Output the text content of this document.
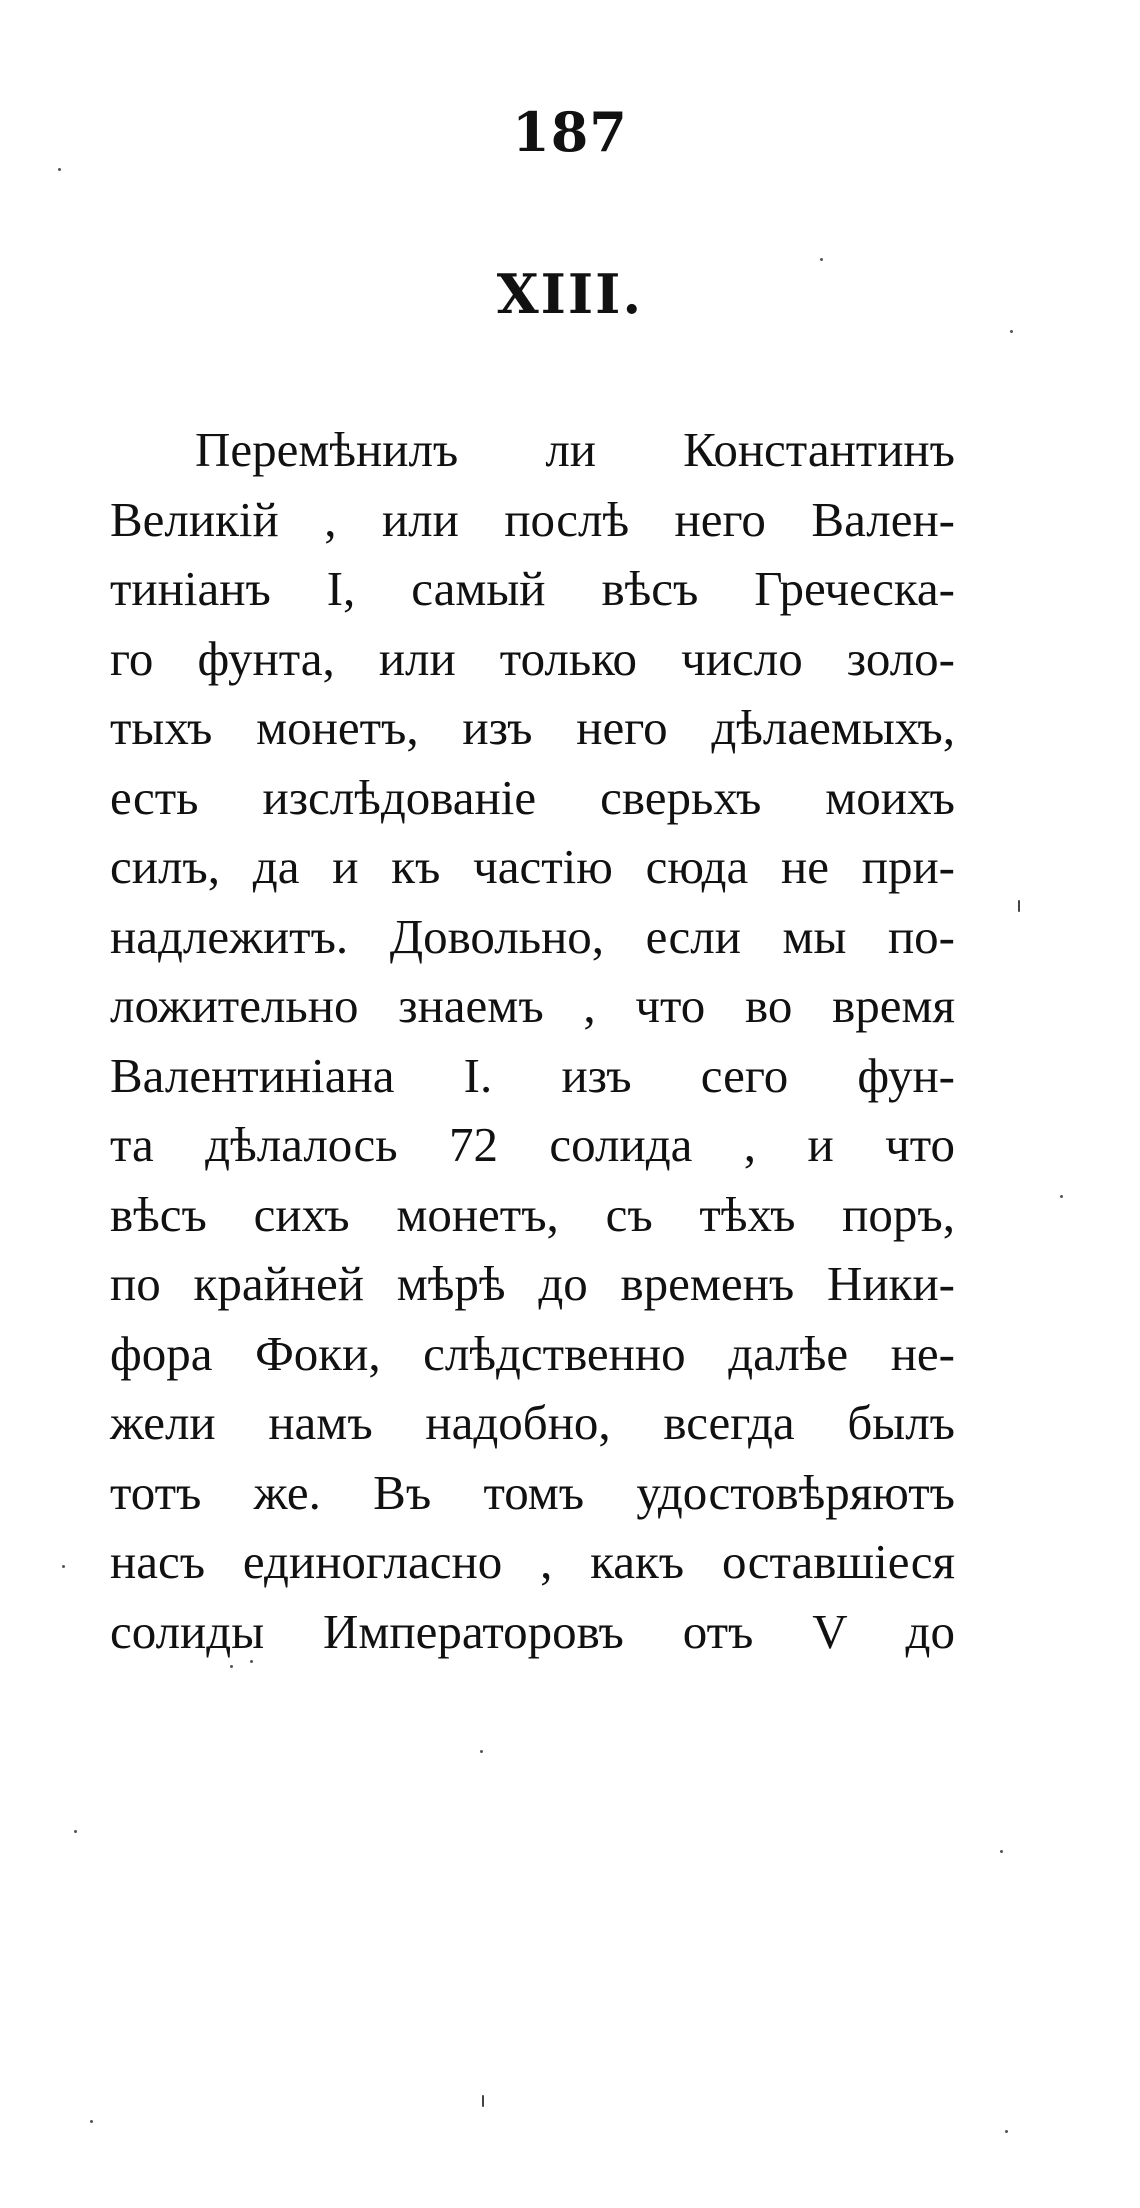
187
XIII.
Перемѣнилъ ли Константинъ
Великій , или послѣ него Вален-
тиніанъ I, самый вѣсъ Греческа-
го фунта, или только число золо-
тыхъ монетъ, изъ него дѣлаемыхъ,
есть изслѣдованіе сверьхъ моихъ
силъ, да и къ частію сюда не при-
надлежитъ. Довольно, если мы по-
ложительно знаемъ , что во время
Валентиніана I. изъ сего фун-
та дѣлалось 72 солида , и что
вѣсъ сихъ монетъ, съ тѣхъ поръ,
по крайней мѣрѣ до временъ Ники-
фора Фоки, слѣдственно далѣе не-
жели намъ надобно, всегда былъ
тотъ же. Въ томъ удостовѣряютъ
насъ единогласно , какъ оставшіеся
солиды Императоровъ отъ V до
